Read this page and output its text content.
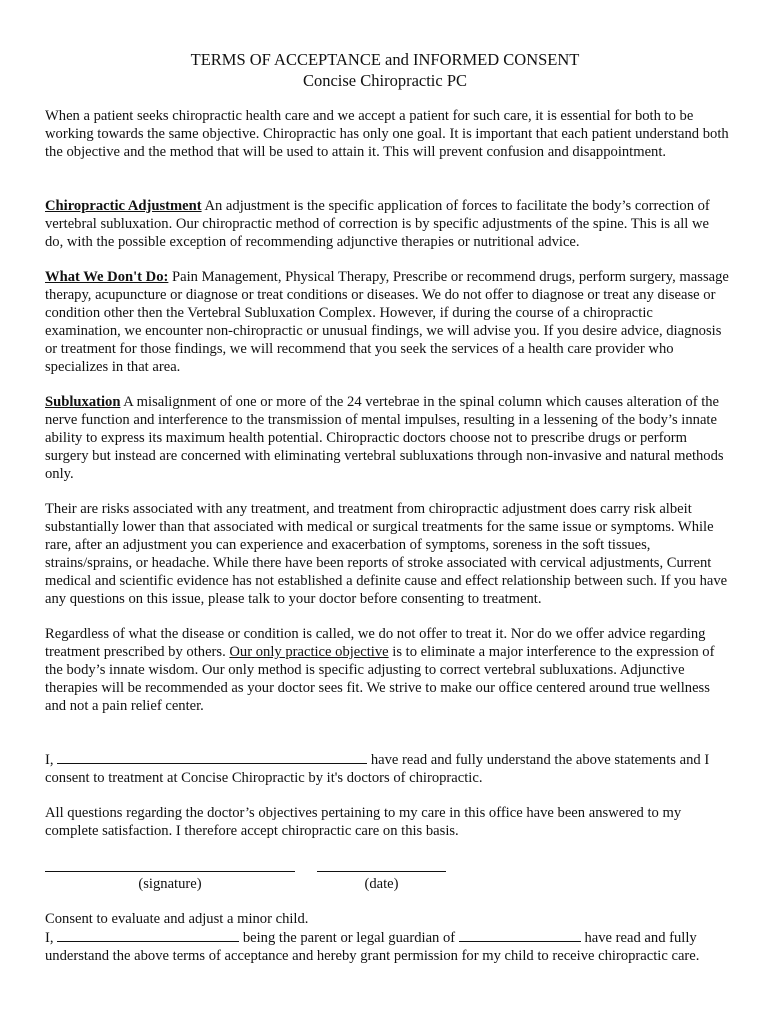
TERMS OF ACCEPTANCE and INFORMED CONSENT
Concise Chiropractic PC

When a patient seeks chiropractic health care and we accept a patient for such care, it is essential for both to be working towards the same objective. Chiropractic has only one goal. It is important that each patient understand both the objective and the method that will be used to attain it. This will prevent confusion and disappointment.

Chiropractic Adjustment An adjustment is the specific application of forces to facilitate the body’s correction of vertebral subluxation. Our chiropractic method of correction is by specific adjustments of the spine. This is all we do, with the possible exception of recommending adjunctive therapies or nutritional advice.

What We Don't Do: Pain Management, Physical Therapy, Prescribe or recommend drugs, perform surgery, massage therapy, acupuncture or diagnose or treat conditions or diseases. We do not offer to diagnose or treat any disease or condition other then the Vertebral Subluxation Complex. However, if during the course of a chiropractic examination, we encounter non-chiropractic or unusual findings, we will advise you. If you desire advice, diagnosis or treatment for those findings, we will recommend that you seek the services of a health care provider who specializes in that area.

Subluxation A misalignment of one or more of the 24 vertebrae in the spinal column which causes alteration of the nerve function and interference to the transmission of mental impulses, resulting in a lessening of the body’s innate ability to express its maximum health potential. Chiropractic doctors choose not to prescribe drugs or perform surgery but instead are concerned with eliminating vertebral subluxations through non-invasive and natural methods only.

Their are risks associated with any treatment, and treatment from chiropractic adjustment does carry risk albeit substantially lower than that associated with medical or surgical treatments for the same issue or symptoms. While rare, after an adjustment you can experience and exacerbation of symptoms, soreness in the soft tissues, strains/sprains, or headache. While there have been reports of stroke associated with cervical adjustments, Current medical and scientific evidence has not established a definite cause and effect relationship between such. If you have any questions on this issue, please talk to your doctor before consenting to treatment.

Regardless of what the disease or condition is called, we do not offer to treat it. Nor do we offer advice regarding treatment prescribed by others. Our only practice objective is to eliminate a major interference to the expression of the body’s innate wisdom. Our only method is specific adjusting to correct vertebral subluxations. Adjunctive therapies will be recommended as your doctor sees fit. We strive to make our office centered around true wellness and not a pain relief center.

I,	have read and fully understand the above statements and I consent to treatment at Concise Chiropractic by it's doctors of chiropractic.

All questions regarding the doctor’s objectives pertaining to my care in this office have been answered to my complete satisfaction. I therefore accept chiropractic care on this basis.

(signature)	(date)

Consent to evaluate and adjust a minor child.
I,	being the parent or legal guardian of	have read and fully understand the above terms of acceptance and hereby grant permission for my child to receive chiropractic care.
